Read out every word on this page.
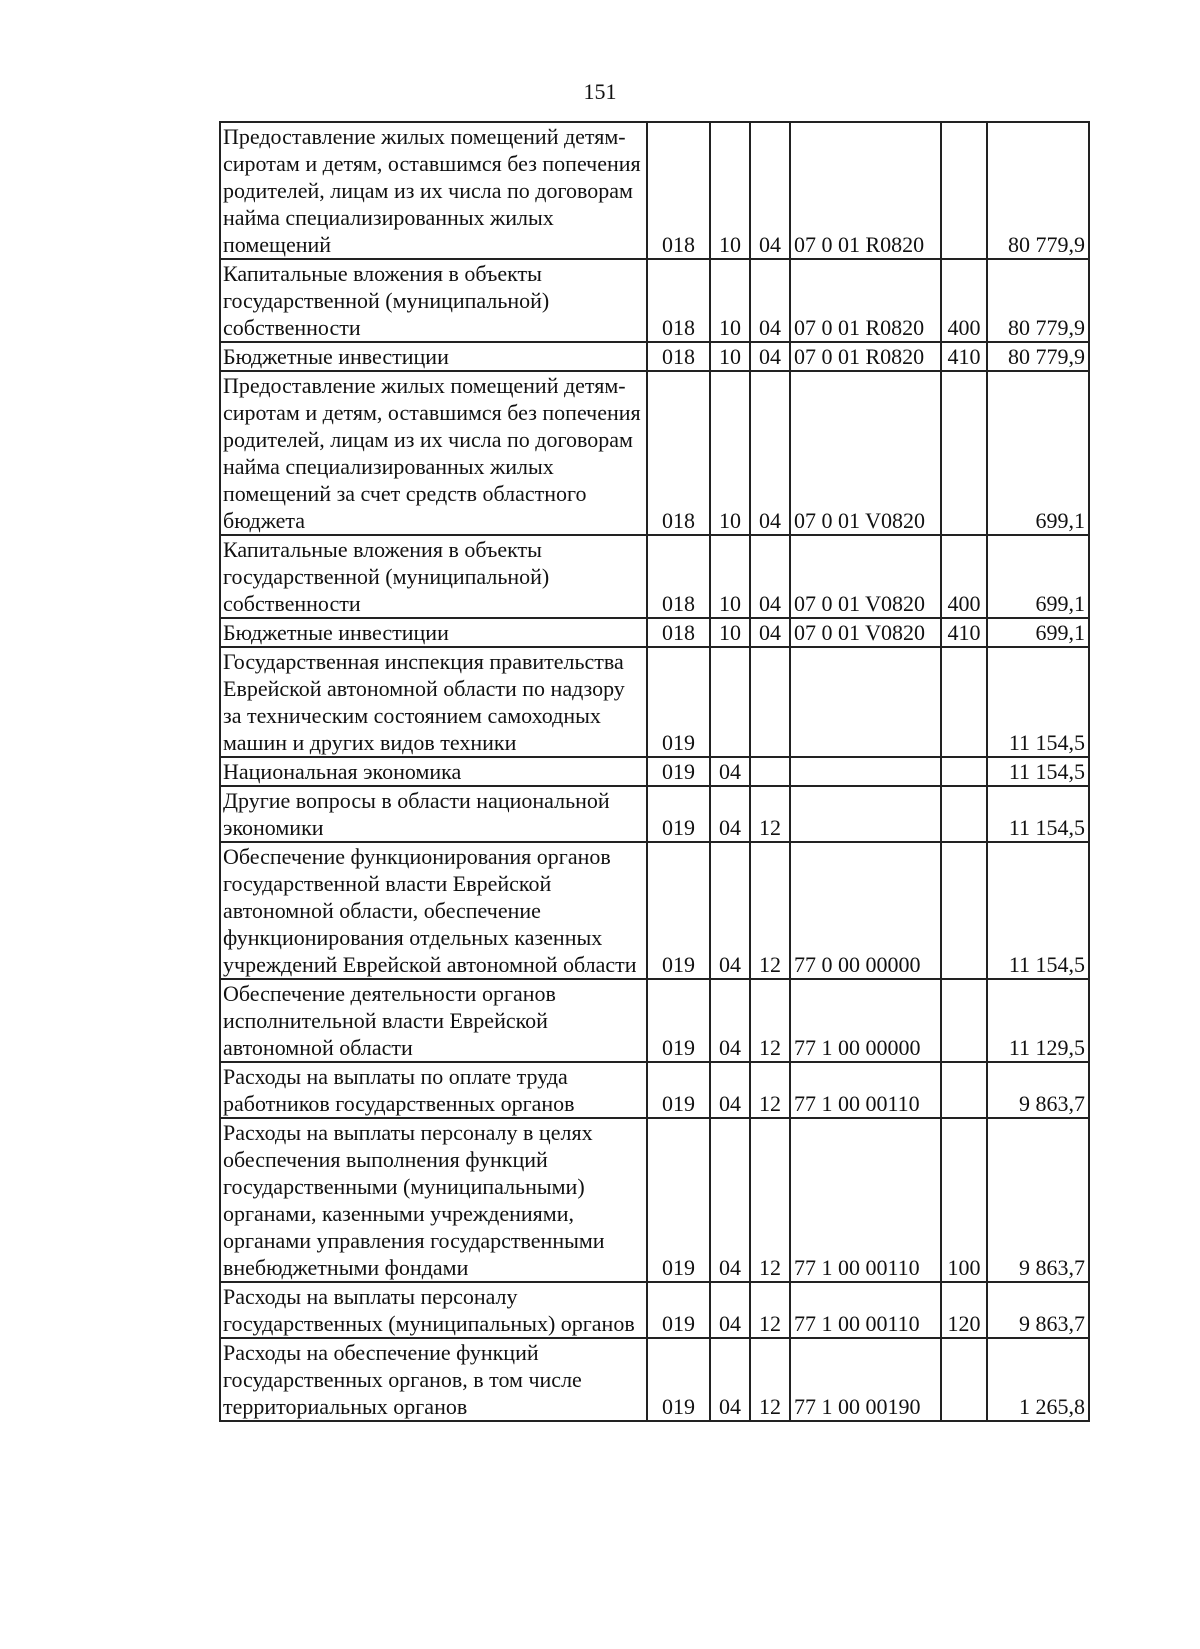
151
Предоставление жилых помещений детям-сиротам и детям, оставшимся без попечения родителей, лицам из их числа по договорам найма специализированных жилых помещений	018	10	04	07 0 01 R0820		80 779,9
Капитальные вложения в объекты государственной (муниципальной) собственности	018	10	04	07 0 01 R0820	400	80 779,9
Бюджетные инвестиции	018	10	04	07 0 01 R0820	410	80 779,9
Предоставление жилых помещений детям-сиротам и детям, оставшимся без попечения родителей, лицам из их числа по договорам найма специализированных жилых помещений за счет средств областного бюджета	018	10	04	07 0 01 V0820		699,1
Капитальные вложения в объекты государственной (муниципальной) собственности	018	10	04	07 0 01 V0820	400	699,1
Бюджетные инвестиции	018	10	04	07 0 01 V0820	410	699,1
Государственная инспекция правительства Еврейской автономной области по надзору за техническим состоянием самоходных машин и других видов техники	019					11 154,5
Национальная экономика	019	04				11 154,5
Другие вопросы в области национальной экономики	019	04	12			11 154,5
Обеспечение функционирования органов государственной власти Еврейской автономной области, обеспечение функционирования отдельных казенных учреждений Еврейской автономной области	019	04	12	77 0 00 00000		11 154,5
Обеспечение деятельности органов исполнительной власти Еврейской автономной области	019	04	12	77 1 00 00000		11 129,5
Расходы на выплаты по оплате труда работников государственных органов	019	04	12	77 1 00 00110		9 863,7
Расходы на выплаты персоналу в целях обеспечения выполнения функций государственными (муниципальными) органами, казенными учреждениями, органами управления государственными внебюджетными фондами	019	04	12	77 1 00 00110	100	9 863,7
Расходы на выплаты персоналу государственных (муниципальных) органов	019	04	12	77 1 00 00110	120	9 863,7
Расходы на обеспечение функций государственных органов, в том числе территориальных органов	019	04	12	77 1 00 00190		1 265,8
